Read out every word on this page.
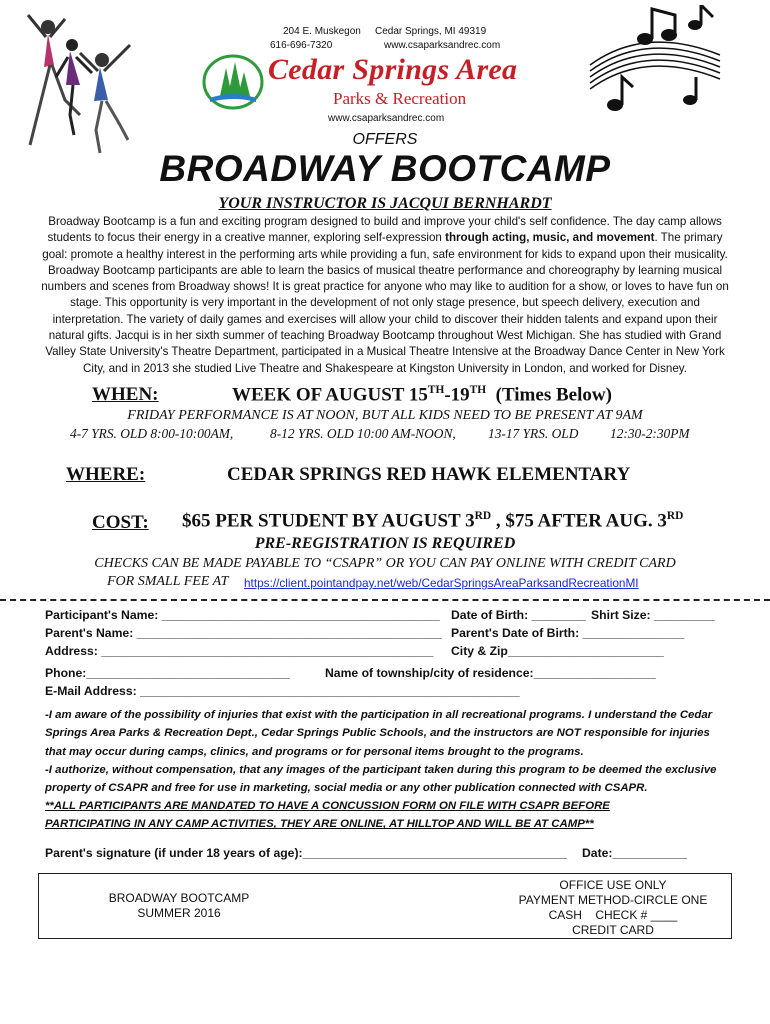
204 E. Muskegon Cedar Springs, MI 49319
616-696-7320	www.csaparksandrec.com
Cedar Springs Area
Parks & Recreation
www.csaparksandrec.com
OFFERS
BROADWAY BOOTCAMP
YOUR INSTRUCTOR IS JACQUI BERNHARDT
Broadway Bootcamp is a fun and exciting program designed to build and improve your child's self confidence. The day camp allows students to focus their energy in a creative manner, exploring self-expression through acting, music, and movement. The primary goal: promote a healthy interest in the performing arts while providing a fun, safe environment for kids to expand upon their musicality. Broadway Bootcamp participants are able to learn the basics of musical theatre performance and choreography by learning musical numbers and scenes from Broadway shows! It is great practice for anyone who may like to audition for a show, or loves to have fun on stage. This opportunity is very important in the development of not only stage presence, but speech delivery, execution and interpretation. The variety of daily games and exercises will allow your child to discover their hidden talents and expand upon their natural gifts. Jacqui is in her sixth summer of teaching Broadway Bootcamp throughout West Michigan. She has studied with Grand Valley State University's Theatre Department, participated in a Musical Theatre Intensive at the Broadway Dance Center in New York City, and in 2013 she studied Live Theatre and Shakespeare at Kingston University in London, and worked for Disney.
WHEN:	WEEK OF AUGUST 15TH-19TH (Times Below)
FRIDAY PERFORMANCE IS AT NOON, BUT ALL KIDS NEED TO BE PRESENT AT 9AM
4-7 YRS. OLD 8:00-10:00AM,	8-12 YRS. OLD 10:00 AM-NOON, 13-17 YRS. OLD 12:30-2:30PM
WHERE:	CEDAR SPRINGS RED HAWK ELEMENTARY
COST: $65 PER STUDENT BY AUGUST 3RD , $75 AFTER AUG. 3RD
PRE-REGISTRATION IS REQUIRED
CHECKS CAN BE MADE PAYABLE TO “CSAPR” OR YOU CAN PAY ONLINE WITH CREDIT CARD
FOR SMALL FEE AT https://client.pointandpay.net/web/CedarSpringsAreaParksandRecreationMI
Participant's Name: _________________________________________ Date of Birth: ________ Shirt Size: _________
Parent's Name: _____________________________________________ Parent's Date of Birth: _______________
Address: _________________________________________________ City & Zip_______________________
Phone:______________________________	Name of township/city of residence:__________________
E-Mail Address: ________________________________________________________
-I am aware of the possibility of injuries that exist with the participation in all recreational programs. I understand the Cedar Springs Area Parks & Recreation Dept., Cedar Springs Public Schools, and the instructors are NOT responsible for injuries that may occur during camps, clinics, and programs or for personal items brought to the programs.
-I authorize, without compensation, that any images of the participant taken during this program to be deemed the exclusive property of CSAPR and free for use in marketing, social media or any other publication connected with CSAPR.
**ALL PARTICIPANTS ARE MANDATED TO HAVE A CONCUSSION FORM ON FILE WITH CSAPR BEFORE PARTICIPATING IN ANY CAMP ACTIVITIES, THEY ARE ONLINE, AT HILLTOP AND WILL BE AT CAMP**
Parent's signature (if under 18 years of age):_______________________________________ Date:___________
BROADWAY BOOTCAMP
SUMMER 2016
OFFICE USE ONLY
PAYMENT METHOD-CIRCLE ONE
CASH CHECK # ____
CREDIT CARD
